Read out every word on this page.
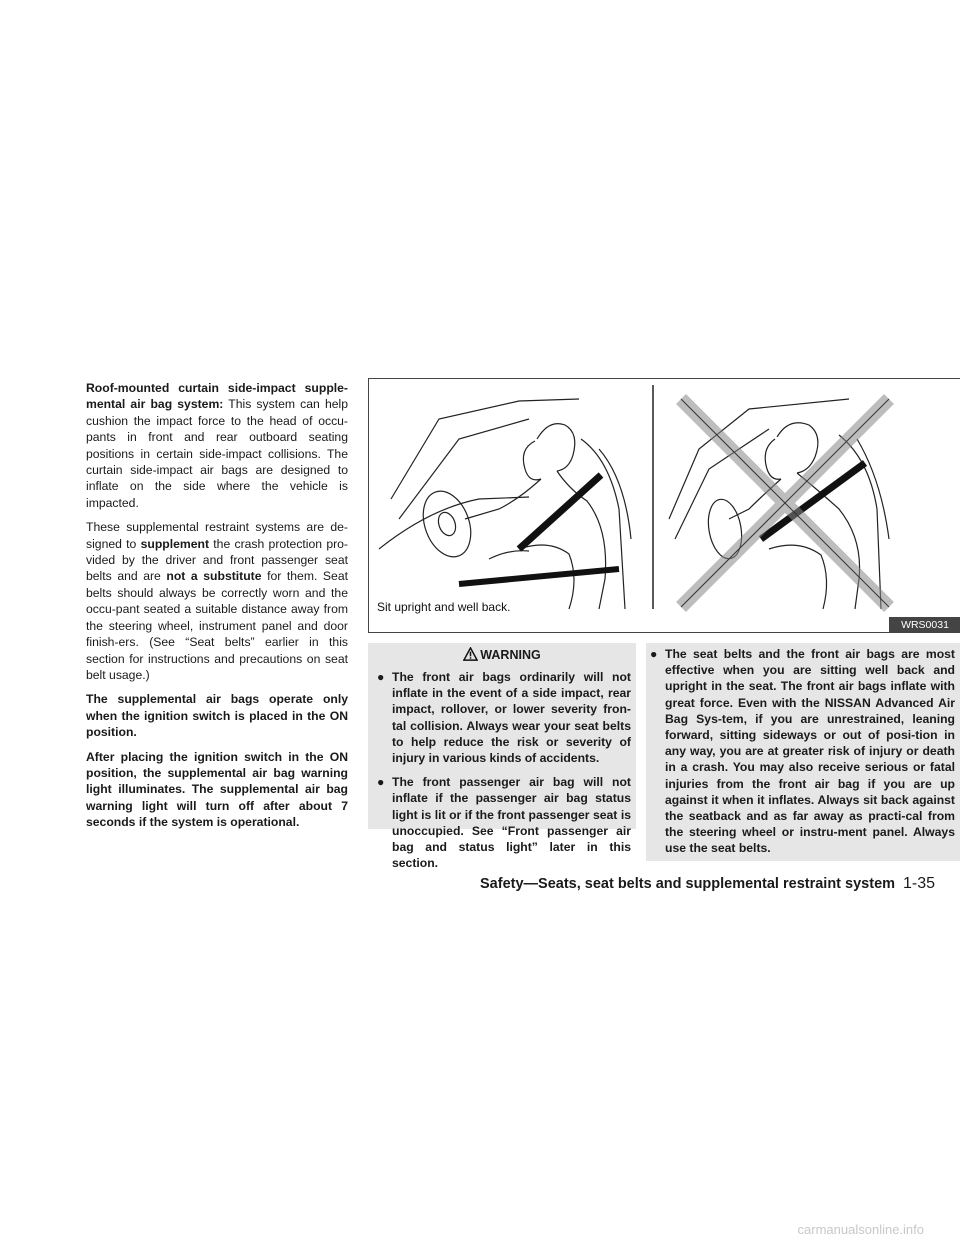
Roof-mounted curtain side-impact supple-mental air bag system: This system can help cushion the impact force to the head of occu-pants in front and rear outboard seating positions in certain side-impact collisions. The curtain side-impact air bags are designed to inflate on the side where the vehicle is impacted.

These supplemental restraint systems are de-signed to supplement the crash protection pro-vided by the driver and front passenger seat belts and are not a substitute for them. Seat belts should always be correctly worn and the occu-pant seated a suitable distance away from the steering wheel, instrument panel and door finish-ers. (See “Seat belts” earlier in this section for instructions and precautions on seat belt usage.)

The supplemental air bags operate only when the ignition switch is placed in the ON position.

After placing the ignition switch in the ON position, the supplemental air bag warning light illuminates. The supplemental air bag warning light will turn off after about 7 seconds if the system is operational.

Sit upright and well back.
WRS0031
WARNING
● The front air bags ordinarily will not inflate in the event of a side impact, rear impact, rollover, or lower severity fron-tal collision. Always wear your seat belts to help reduce the risk or severity of injury in various kinds of accidents.
● The front passenger air bag will not inflate if the passenger air bag status light is lit or if the front passenger seat is unoccupied. See “Front passenger air bag and status light” later in this section.
● The seat belts and the front air bags are most effective when you are sitting well back and upright in the seat. The front air bags inflate with great force. Even with the NISSAN Advanced Air Bag Sys-tem, if you are unrestrained, leaning forward, sitting sideways or out of posi-tion in any way, you are at greater risk of injury or death in a crash. You may also receive serious or fatal injuries from the front air bag if you are up against it when it inflates. Always sit back against the seatback and as far away as practi-cal from the steering wheel or instru-ment panel. Always use the seat belts.
Safety—Seats, seat belts and supplemental restraint system 1-35
carmanualsonline.info
